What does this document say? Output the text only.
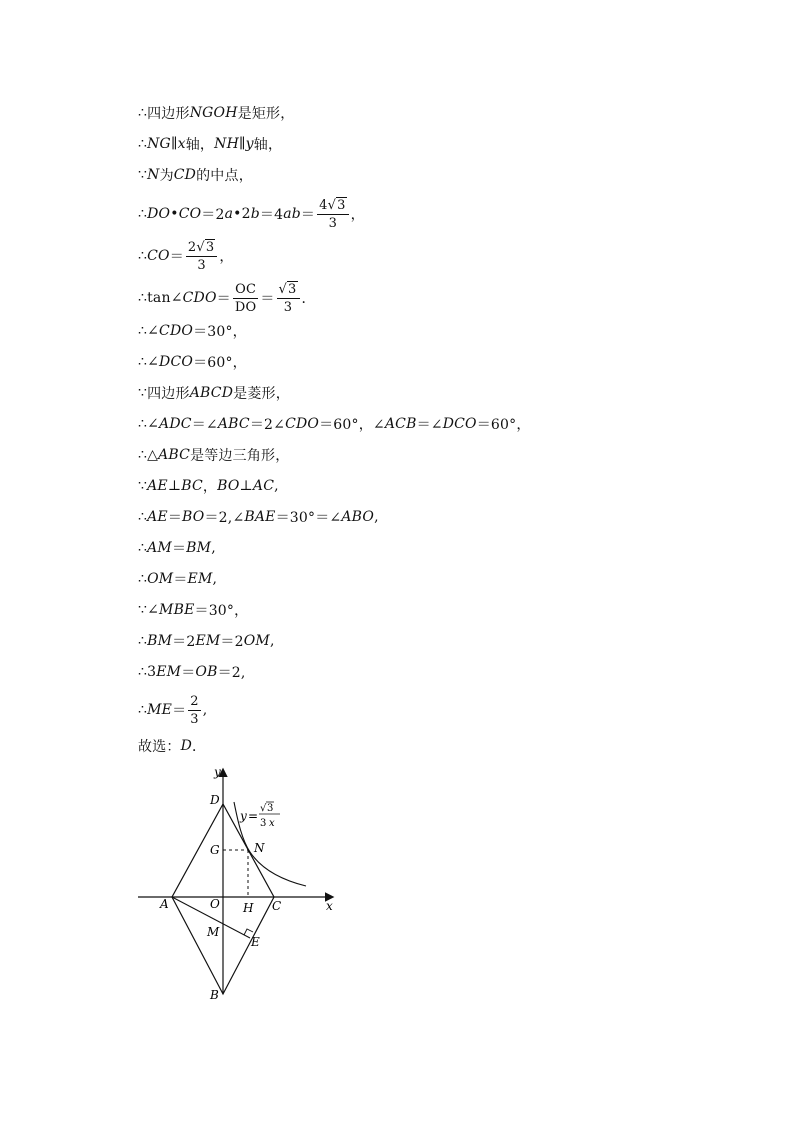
∴ 四边形 NGOH 是矩形，
∴ NG ∥ x 轴， NH ∥ y 轴，
∵ N 为 CD 的中点，
∴ DO • CO ＝2 a •2 b ＝4 ab ＝ $\frac{4√3}{3}$ ，
∴ CO ＝ $\frac{2√3}{3}$ ，
∴ tan∠ CDO ＝ $\frac{OC}{DO} = \frac{√3}{3}$ ．
∴ ∠ CDO ＝30°，
∴ ∠ DCO ＝60°，
∵ 四边形 ABCD 是菱形，
∴ ∠ ADC ＝∠ ABC ＝2∠ CDO ＝60°，∠ ACB ＝∠ DCO ＝60°，
∴ △ ABC 是等边三角形，
∵ AE ⊥ BC ， BO ⊥ AC ,
∴ AE ＝ BO ＝2,∠ BAE ＝30°＝∠ ABO ,
∴ AM ＝ BM ,
∴ OM ＝ EM ,
∵ ∠ MBE ＝30°，
∴ BM ＝2 EM ＝2 OM ,
∴ 3 EM ＝ OB ＝2,
∴ ME ＝ $\frac{2}{3}$ ,
故选： D ．
y
x
D
G	N
A	O H C
M
E
B
y =
√ 3
3 x
